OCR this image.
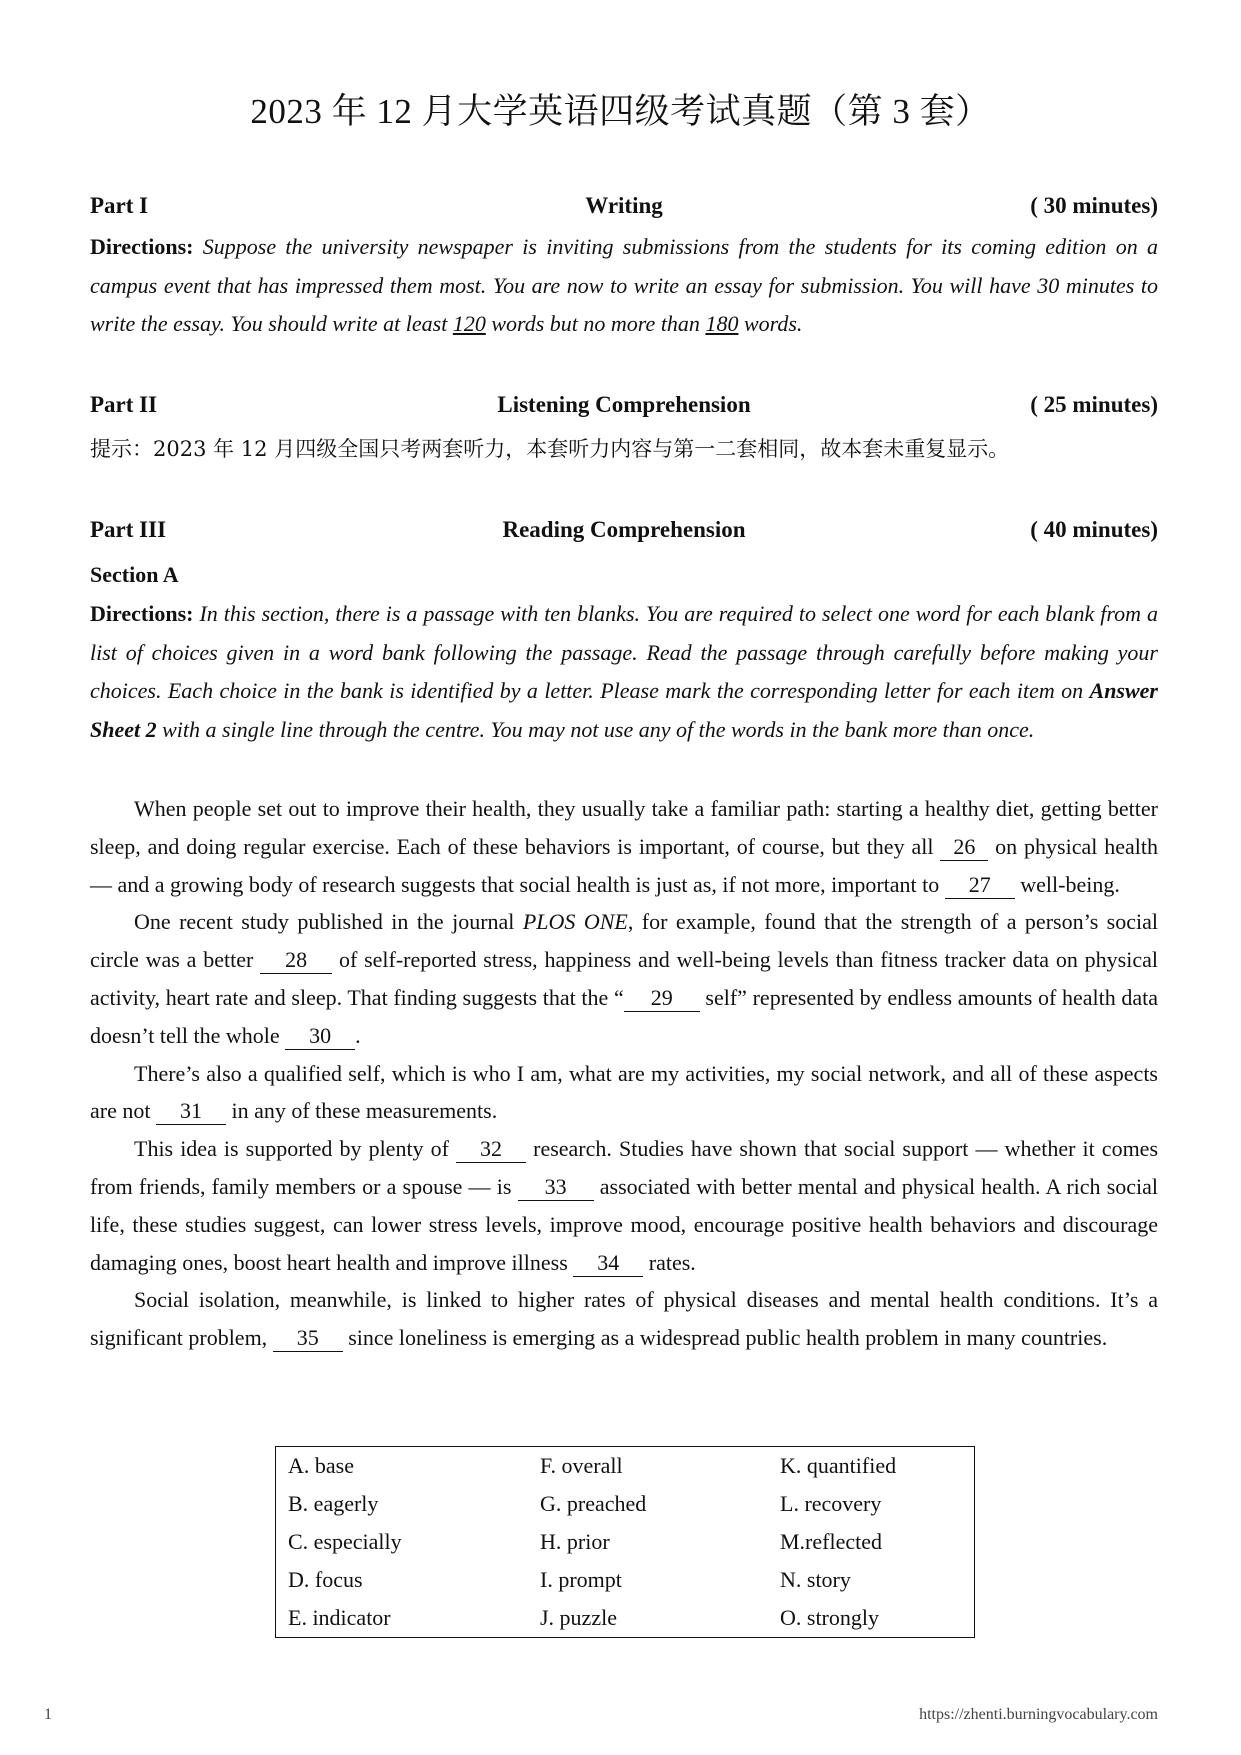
2023 年 12 月大学英语四级考试真题（第 3 套）
Part I	Writing	( 30 minutes)
Directions: Suppose the university newspaper is inviting submissions from the students for its coming edition on a campus event that has impressed them most. You are now to write an essay for submission. You will have 30 minutes to write the essay. You should write at least 120 words but no more than 180 words.
Part II	Listening Comprehension	( 25 minutes)
提示：2023 年 12 月四级全国只考两套听力，本套听力内容与第一二套相同，故本套未重复显示。
Part III	Reading Comprehension	( 40 minutes)
Section A
Directions: In this section, there is a passage with ten blanks. You are required to select one word for each blank from a list of choices given in a word bank following the passage. Read the passage through carefully before making your choices. Each choice in the bank is identified by a letter. Please mark the corresponding letter for each item on Answer Sheet 2 with a single line through the centre. You may not use any of the words in the bank more than once.

When people set out to improve their health, they usually take a familiar path: starting a healthy diet, getting better sleep, and doing regular exercise. Each of these behaviors is important, of course, but they all 26 on physical health — and a growing body of research suggests that social health is just as, if not more, important to 27 well-being.

One recent study published in the journal PLOS ONE, for example, found that the strength of a person’s social circle was a better 28 of self-reported stress, happiness and well-being levels than fitness tracker data on physical activity, heart rate and sleep. That finding suggests that the “ 29 self” represented by endless amounts of health data doesn’t tell the whole 30 .

There’s also a qualified self, which is who I am, what are my activities, my social network, and all of these aspects are not 31 in any of these measurements.

This idea is supported by plenty of 32 research. Studies have shown that social support — whether it comes from friends, family members or a spouse — is 33 associated with better mental and physical health. A rich social life, these studies suggest, can lower stress levels, improve mood, encourage positive health behaviors and discourage damaging ones, boost heart health and improve illness 34 rates.

Social isolation, meanwhile, is linked to higher rates of physical diseases and mental health conditions. It’s a significant problem, 35 since loneliness is emerging as a widespread public health problem in many countries.

A. base	F. overall	K. quantified
B. eagerly	G. preached	L. recovery
C. especially	H. prior	M.reflected
D. focus	I. prompt	N. story
E. indicator	J. puzzle	O. strongly
1	https://zhenti.burningvocabulary.com
